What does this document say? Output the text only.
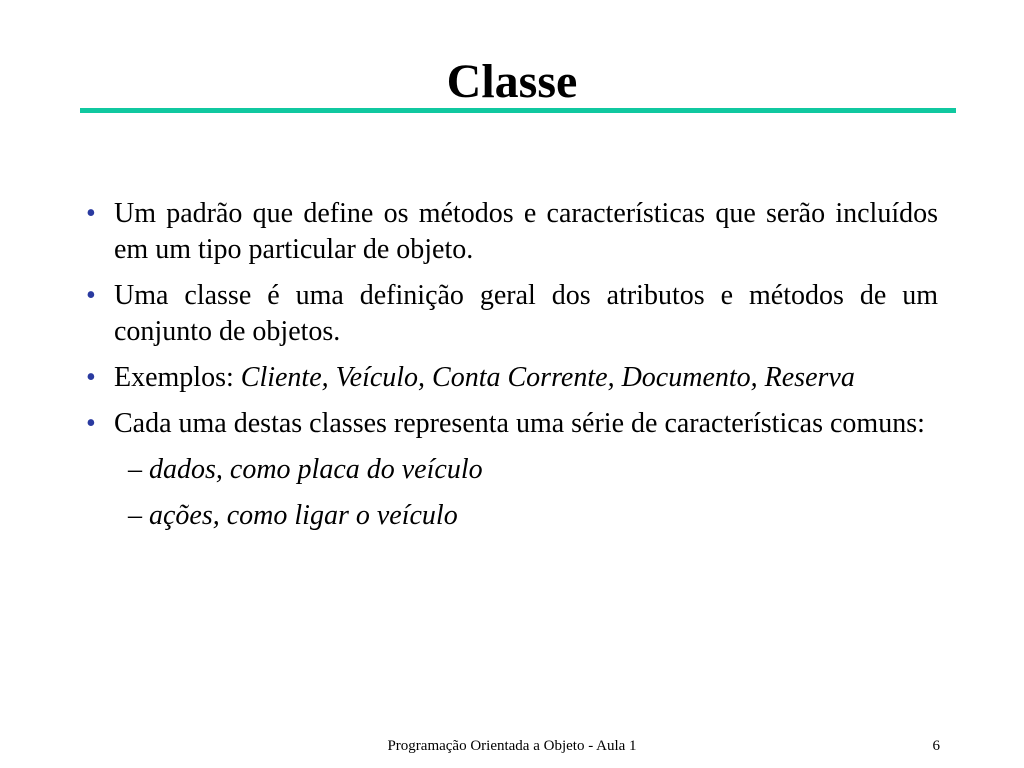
Classe
• Um padrão que define os métodos e características que serão incluídos em um tipo particular de objeto.
• Uma classe é uma definição geral dos atributos e métodos de um conjunto de objetos.
• Exemplos: Cliente, Veículo, Conta Corrente, Documento, Reserva
• Cada uma destas classes representa uma série de características comuns:
– dados, como placa do veículo
– ações, como ligar o veículo
Programação Orientada a Objeto - Aula 1	6
